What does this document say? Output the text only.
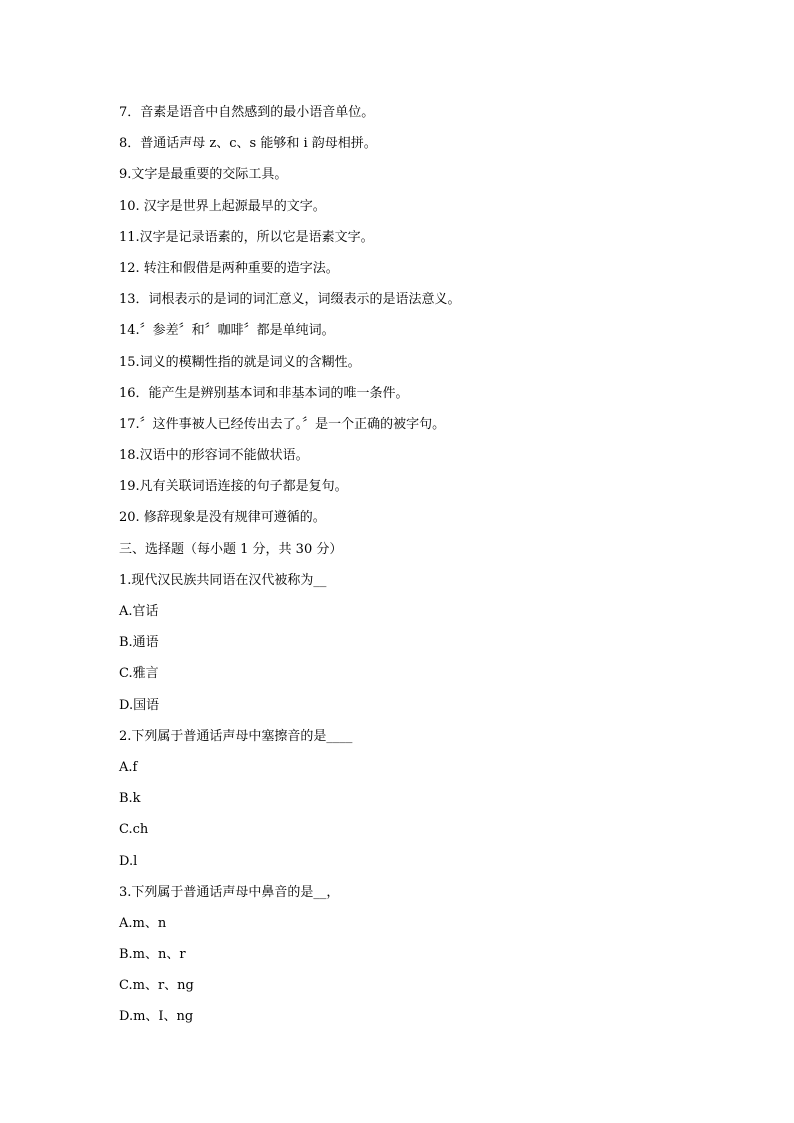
7．音素是语音中自然感到的最小语音单位。
8．普通话声母 z、c、s 能够和 i 韵母相拼。
9.文字是最重要的交际工具。
10. 汉字是世界上起源最早的文字。
11.汉字是记录语素的，所以它是语素文字。
12. 转注和假借是两种重要的造字法。
13．词根表示的是词的词汇意义，词缀表示的是语法意义。
14.〞参差〞和〞咖啡〞都是单纯词。
15.词义的模糊性指的就是词义的含糊性。
16．能产生是辨别基本词和非基本词的唯一条件。
17.〞这件事被人已经传出去了。〞是一个正确的被字句。
18.汉语中的形容词不能做状语。
19.凡有关联词语连接的句子都是复句。
20. 修辞现象是没有规律可遵循的。
三、选择题（每小题 1 分，共 30 分）
1.现代汉民族共同语在汉代被称为__
A.官话
B.通语
C.雅言
D.国语
2.下列属于普通话声母中塞擦音的是____
A.f
B.k
C.ch
D.l
3.下列属于普通话声母中鼻音的是__，
A.m、n
B.m、n、r
C.m、r、ng
D.m、I、ng
